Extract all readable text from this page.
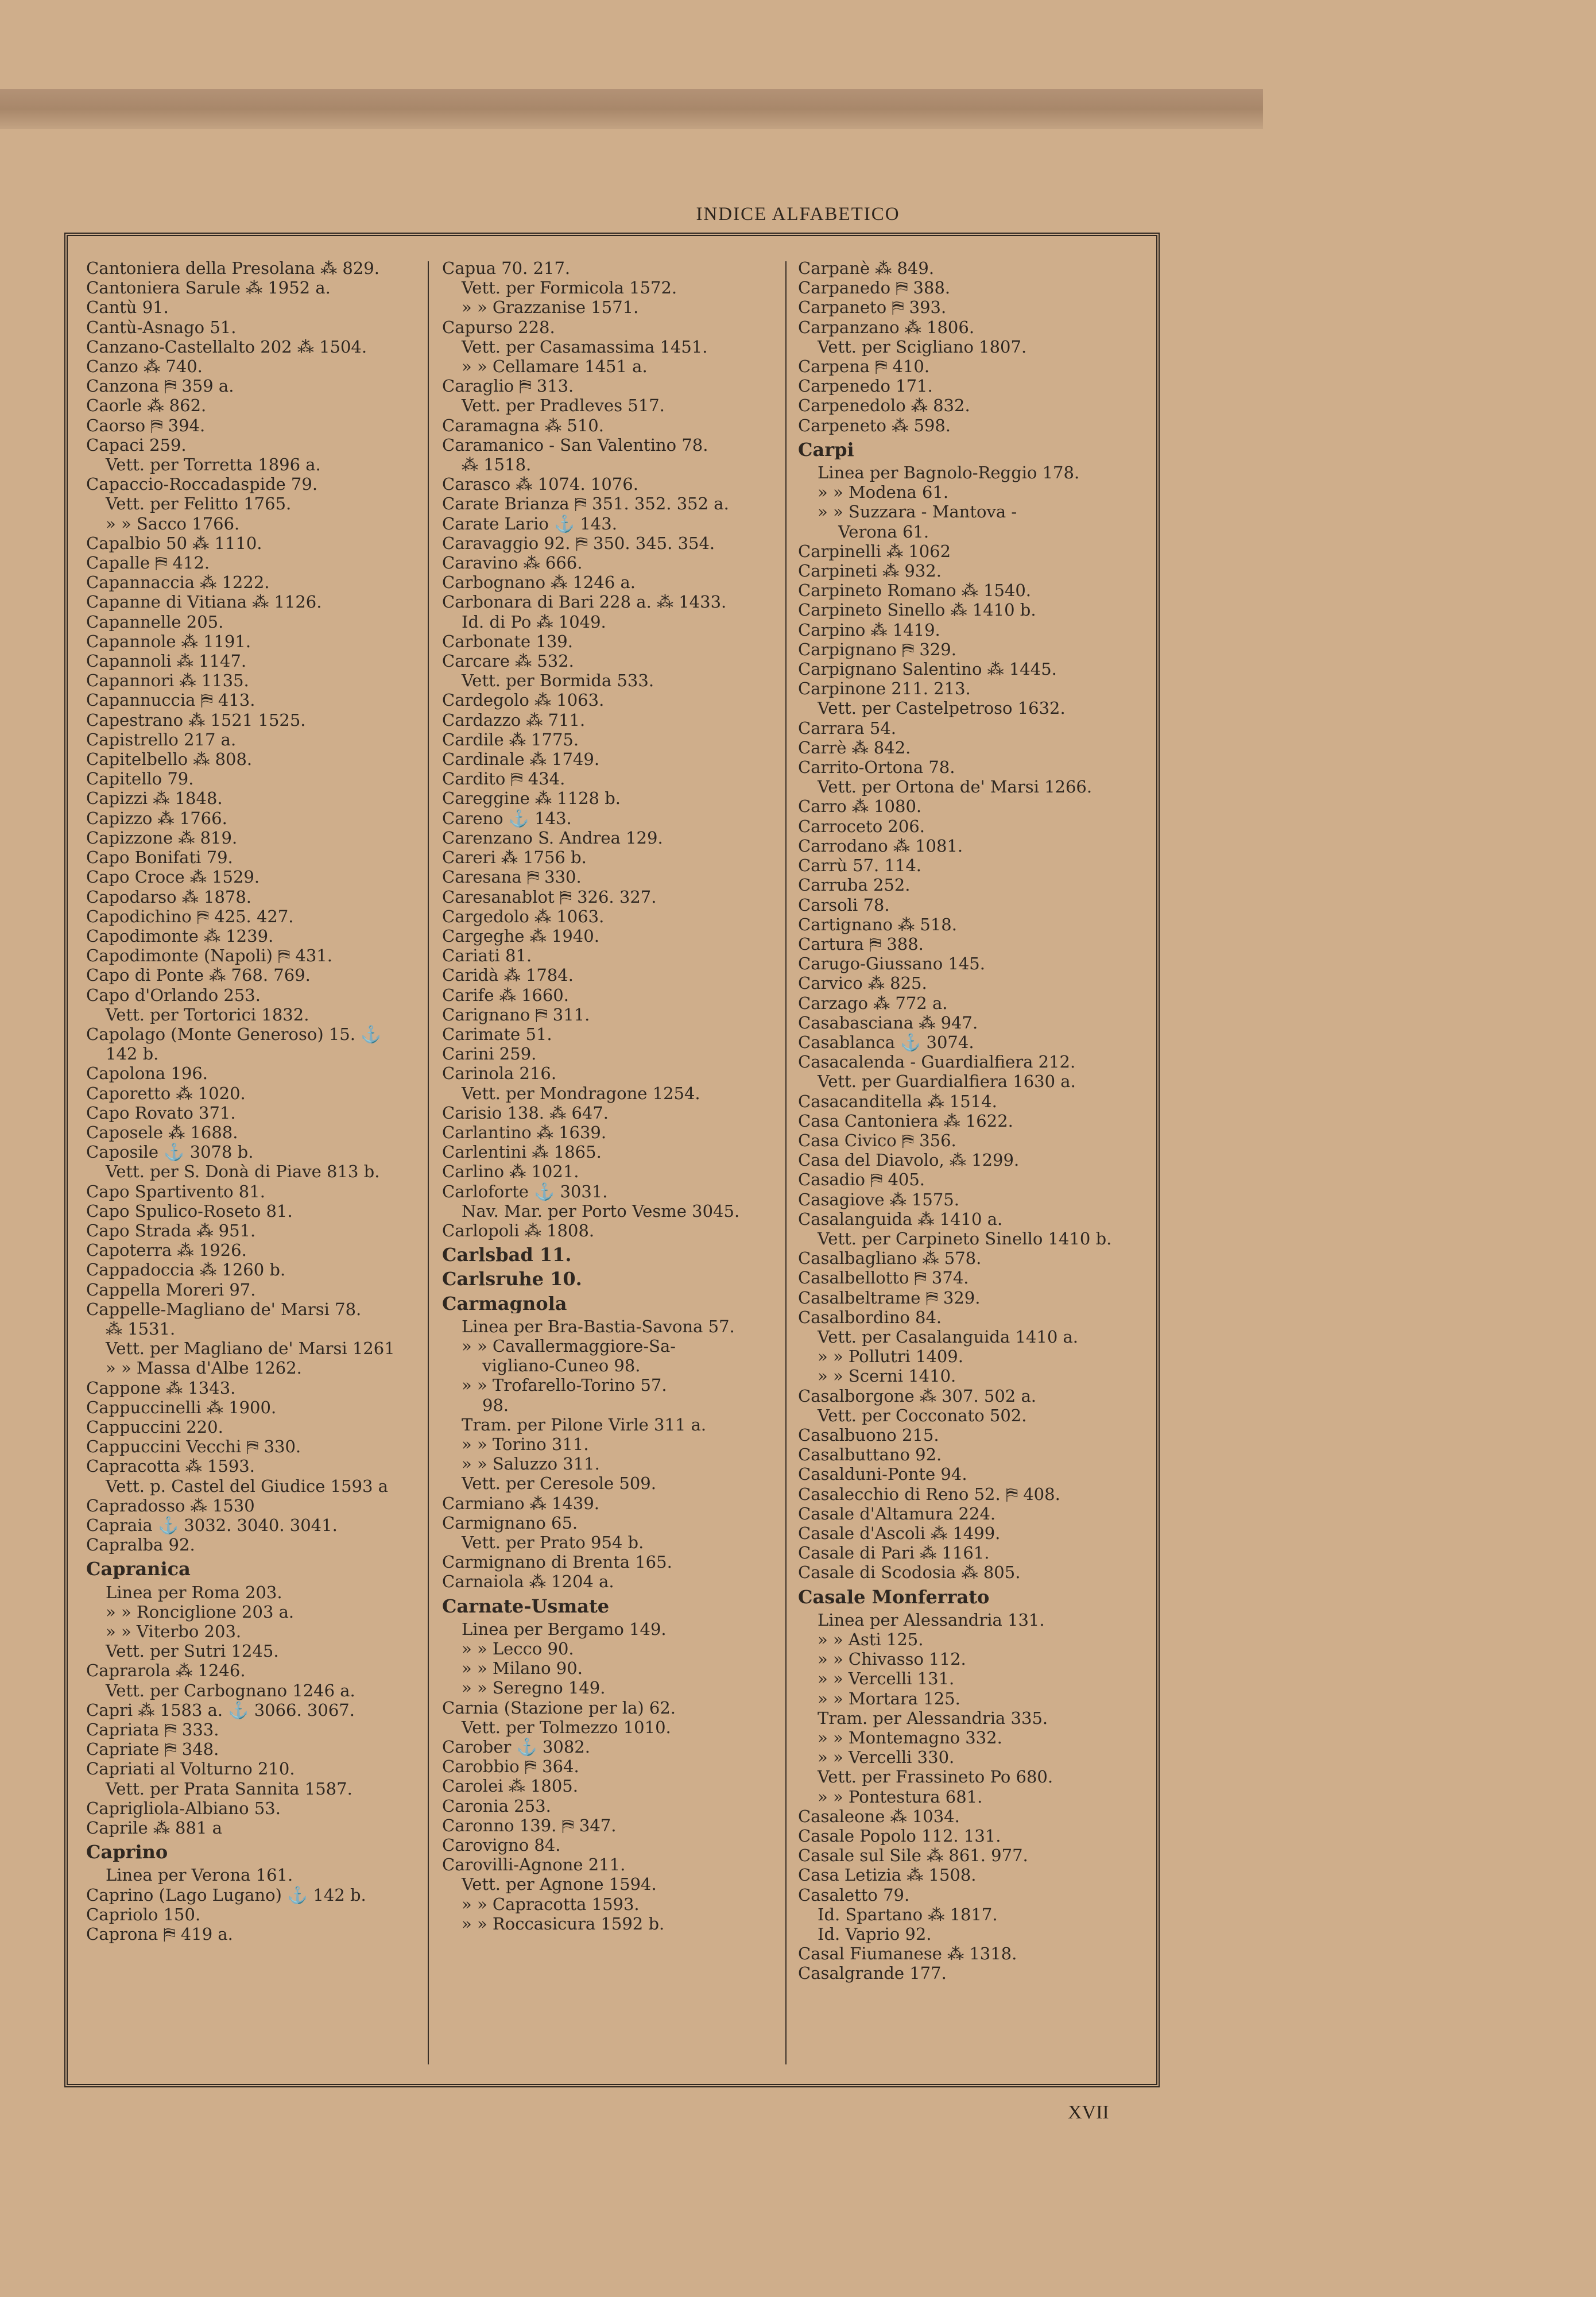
INDICE ALFABETICO
Cantoniera della Presolana ⁂ 829.
Cantoniera Sarule ⁂ 1952 a.
Cantù 91.
Cantù-Asnago 51.
Canzano-Castellalto 202 ⁂ 1504.
Canzo ⁂ 740.
Canzona ⛿ 359 a.
Caorle ⁂ 862.
Caorso ⛿ 394.
Capaci 259.
Vett. per Torretta 1896 a.
Capaccio-Roccadaspide 79.
Vett. per Felitto 1765.
» » Sacco 1766.
Capalbio 50 ⁂ 1110.
Capalle ⛿ 412.
Capannaccia ⁂ 1222.
Capanne di Vitiana ⁂ 1126.
Capannelle 205.
Capannole ⁂ 1191.
Capannoli ⁂ 1147.
Capannori ⁂ 1135.
Capannuccia ⛿ 413.
Capestrano ⁂ 1521 1525.
Capistrello 217 a.
Capitelbello ⁂ 808.
Capitello 79.
Capizzi ⁂ 1848.
Capizzo ⁂ 1766.
Capizzone ⁂ 819.
Capo Bonifati 79.
Capo Croce ⁂ 1529.
Capodarso ⁂ 1878.
Capodichino ⛿ 425. 427.
Capodimonte ⁂ 1239.
Capodimonte (Napoli) ⛿ 431.
Capo di Ponte ⁂ 768. 769.
Capo d'Orlando 253.
Vett. per Tortorici 1832.
Capolago (Monte Generoso) 15. ⚓
142 b.
Capolona 196.
Caporetto ⁂ 1020.
Capo Rovato 371.
Caposele ⁂ 1688.
Caposile ⚓ 3078 b.
Vett. per S. Donà di Piave 813 b.
Capo Spartivento 81.
Capo Spulico-Roseto 81.
Capo Strada ⁂ 951.
Capoterra ⁂ 1926.
Cappadoccia ⁂ 1260 b.
Cappella Moreri 97.
Cappelle-Magliano de' Marsi 78.
⁂ 1531.
Vett. per Magliano de' Marsi 1261
» » Massa d'Albe 1262.
Cappone ⁂ 1343.
Cappuccinelli ⁂ 1900.
Cappuccini 220.
Cappuccini Vecchi ⛿ 330.
Capracotta ⁂ 1593.
Vett. p. Castel del Giudice 1593 a
Capradosso ⁂ 1530
Capraia ⚓ 3032. 3040. 3041.
Capralba 92.
Capranica
Linea per Roma 203.
» » Ronciglione 203 a.
» » Viterbo 203.
Vett. per Sutri 1245.
Caprarola ⁂ 1246.
Vett. per Carbognano 1246 a.
Capri ⁂ 1583 a. ⚓ 3066. 3067.
Capriata ⛿ 333.
Capriate ⛿ 348.
Capriati al Volturno 210.
Vett. per Prata Sannita 1587.
Caprigliola-Albiano 53.
Caprile ⁂ 881 a
Caprino
Linea per Verona 161.
Caprino (Lago Lugano) ⚓ 142 b.
Capriolo 150.
Caprona ⛿ 419 a.
Capua 70. 217.
Vett. per Formicola 1572.
» » Grazzanise 1571.
Capurso 228.
Vett. per Casamassima 1451.
» » Cellamare 1451 a.
Caraglio ⛿ 313.
Vett. per Pradleves 517.
Caramagna ⁂ 510.
Caramanico - San Valentino 78.
⁂ 1518.
Carasco ⁂ 1074. 1076.
Carate Brianza ⛿ 351. 352. 352 a.
Carate Lario ⚓ 143.
Caravaggio 92. ⛿ 350. 345. 354.
Caravino ⁂ 666.
Carbognano ⁂ 1246 a.
Carbonara di Bari 228 a. ⁂ 1433.
Id. di Po ⁂ 1049.
Carbonate 139.
Carcare ⁂ 532.
Vett. per Bormida 533.
Cardegolo ⁂ 1063.
Cardazzo ⁂ 711.
Cardile ⁂ 1775.
Cardinale ⁂ 1749.
Cardito ⛿ 434.
Careggine ⁂ 1128 b.
Careno ⚓ 143.
Carenzano S. Andrea 129.
Careri ⁂ 1756 b.
Caresana ⛿ 330.
Caresanablot ⛿ 326. 327.
Cargedolo ⁂ 1063.
Cargeghe ⁂ 1940.
Cariati 81.
Caridà ⁂ 1784.
Carife ⁂ 1660.
Carignano ⛿ 311.
Carimate 51.
Carini 259.
Carinola 216.
Vett. per Mondragone 1254.
Carisio 138. ⁂ 647.
Carlantino ⁂ 1639.
Carlentini ⁂ 1865.
Carlino ⁂ 1021.
Carloforte ⚓ 3031.
Nav. Mar. per Porto Vesme 3045.
Carlopoli ⁂ 1808.
Carlsbad 11.
Carlsruhe 10.
Carmagnola
Linea per Bra-Bastia-Savona 57.
» » Cavallermaggiore-Sa-
vigliano-Cuneo 98.
» » Trofarello-Torino 57.
98.
Tram. per Pilone Virle 311 a.
» » Torino 311.
» » Saluzzo 311.
Vett. per Ceresole 509.
Carmiano ⁂ 1439.
Carmignano 65.
Vett. per Prato 954 b.
Carmignano di Brenta 165.
Carnaiola ⁂ 1204 a.
Carnate-Usmate
Linea per Bergamo 149.
» » Lecco 90.
» » Milano 90.
» » Seregno 149.
Carnia (Stazione per la) 62.
Vett. per Tolmezzo 1010.
Carober ⚓ 3082.
Carobbio ⛿ 364.
Carolei ⁂ 1805.
Caronia 253.
Caronno 139. ⛿ 347.
Carovigno 84.
Carovilli-Agnone 211.
Vett. per Agnone 1594.
» » Capracotta 1593.
» » Roccasicura 1592 b.
Carpanè ⁂ 849.
Carpanedo ⛿ 388.
Carpaneto ⛿ 393.
Carpanzano ⁂ 1806.
Vett. per Scigliano 1807.
Carpena ⛿ 410.
Carpenedo 171.
Carpenedolo ⁂ 832.
Carpeneto ⁂ 598.
Carpi
Linea per Bagnolo-Reggio 178.
» » Modena 61.
» » Suzzara - Mantova -
Verona 61.
Carpinelli ⁂ 1062
Carpineti ⁂ 932.
Carpineto Romano ⁂ 1540.
Carpineto Sinello ⁂ 1410 b.
Carpino ⁂ 1419.
Carpignano ⛿ 329.
Carpignano Salentino ⁂ 1445.
Carpinone 211. 213.
Vett. per Castelpetroso 1632.
Carrara 54.
Carrè ⁂ 842.
Carrito-Ortona 78.
Vett. per Ortona de' Marsi 1266.
Carro ⁂ 1080.
Carroceto 206.
Carrodano ⁂ 1081.
Carrù 57. 114.
Carruba 252.
Carsoli 78.
Cartignano ⁂ 518.
Cartura ⛿ 388.
Carugo-Giussano 145.
Carvico ⁂ 825.
Carzago ⁂ 772 a.
Casabasciana ⁂ 947.
Casablanca ⚓ 3074.
Casacalenda - Guardialfiera 212.
Vett. per Guardialfiera 1630 a.
Casacanditella ⁂ 1514.
Casa Cantoniera ⁂ 1622.
Casa Civico ⛿ 356.
Casa del Diavolo, ⁂ 1299.
Casadio ⛿ 405.
Casagiove ⁂ 1575.
Casalanguida ⁂ 1410 a.
Vett. per Carpineto Sinello 1410 b.
Casalbagliano ⁂ 578.
Casalbellotto ⛿ 374.
Casalbeltrame ⛿ 329.
Casalbordino 84.
Vett. per Casalanguida 1410 a.
» » Pollutri 1409.
» » Scerni 1410.
Casalborgone ⁂ 307. 502 a.
Vett. per Cocconato 502.
Casalbuono 215.
Casalbuttano 92.
Casalduni-Ponte 94.
Casalecchio di Reno 52. ⛿ 408.
Casale d'Altamura 224.
Casale d'Ascoli ⁂ 1499.
Casale di Pari ⁂ 1161.
Casale di Scodosia ⁂ 805.
Casale Monferrato
Linea per Alessandria 131.
» » Asti 125.
» » Chivasso 112.
» » Vercelli 131.
» » Mortara 125.
Tram. per Alessandria 335.
» » Montemagno 332.
» » Vercelli 330.
Vett. per Frassineto Po 680.
» » Pontestura 681.
Casaleone ⁂ 1034.
Casale Popolo 112. 131.
Casale sul Sile ⁂ 861. 977.
Casa Letizia ⁂ 1508.
Casaletto 79.
Id. Spartano ⁂ 1817.
Id. Vaprio 92.
Casal Fiumanese ⁂ 1318.
Casalgrande 177.
XVII
